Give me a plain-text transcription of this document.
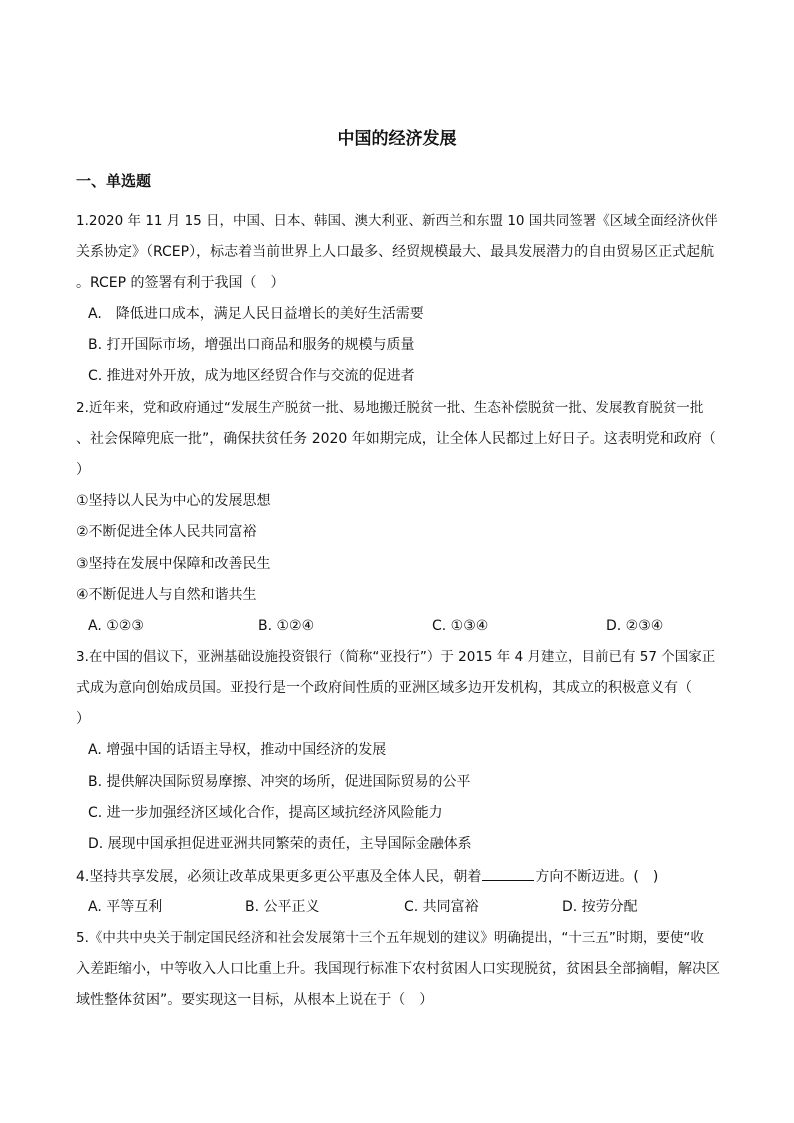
中国的经济发展
一、单选题
1.2020 年 11 月 15 日，中国、日本、韩国、澳大利亚、新西兰和东盟 10 国共同签署《区域全面经济伙伴
关系协定》（RCEP），标志着当前世界上人口最多、经贸规模最大、最具发展潜力的自由贸易区正式起航
。RCEP 的签署有利于我国（　）
A.　降低进口成本，满足人民日益增长的美好生活需要
B. 打开国际市场，增强出口商品和服务的规模与质量
C. 推进对外开放，成为地区经贸合作与交流的促进者
2.近年来，党和政府通过“发展生产脱贫一批、易地搬迁脱贫一批、生态补偿脱贫一批、发展教育脱贫一批
、社会保障兜底一批”，确保扶贫任务 2020 年如期完成，让全体人民都过上好日子。这表明党和政府（
）
①坚持以人民为中心的发展思想
②不断促进全体人民共同富裕
③坚持在发展中保障和改善民生
④不断促进人与自然和谐共生
A. ①②③	B. ①②④	C. ①③④	D. ②③④
3.在中国的倡议下，亚洲基础设施投资银行（简称“亚投行”）于 2015 年 4 月建立，目前已有 57 个国家正
式成为意向创始成员国。亚投行是一个政府间性质的亚洲区域多边开发机构，其成立的积极意义有（
）
A. 增强中国的话语主导权，推动中国经济的发展
B. 提供解决国际贸易摩擦、冲突的场所，促进国际贸易的公平
C. 进一步加强经济区域化合作，提高区域抗经济风险能力
D. 展现中国承担促进亚洲共同繁荣的责任，主导国际金融体系
4.坚持共享发展，必须让改革成果更多更公平惠及全体人民，朝着	方向不断迈进。(　)
A. 平等互利	B. 公平正义	C. 共同富裕	D. 按劳分配
5.《中共中央关于制定国民经济和社会发展第十三个五年规划的建议》明确提出，“十三五”时期，要使“收
入差距缩小，中等收入人口比重上升。我国现行标准下农村贫困人口实现脱贫，贫困县全部摘帽，解决区
域性整体贫困”。要实现这一目标，从根本上说在于（　）
